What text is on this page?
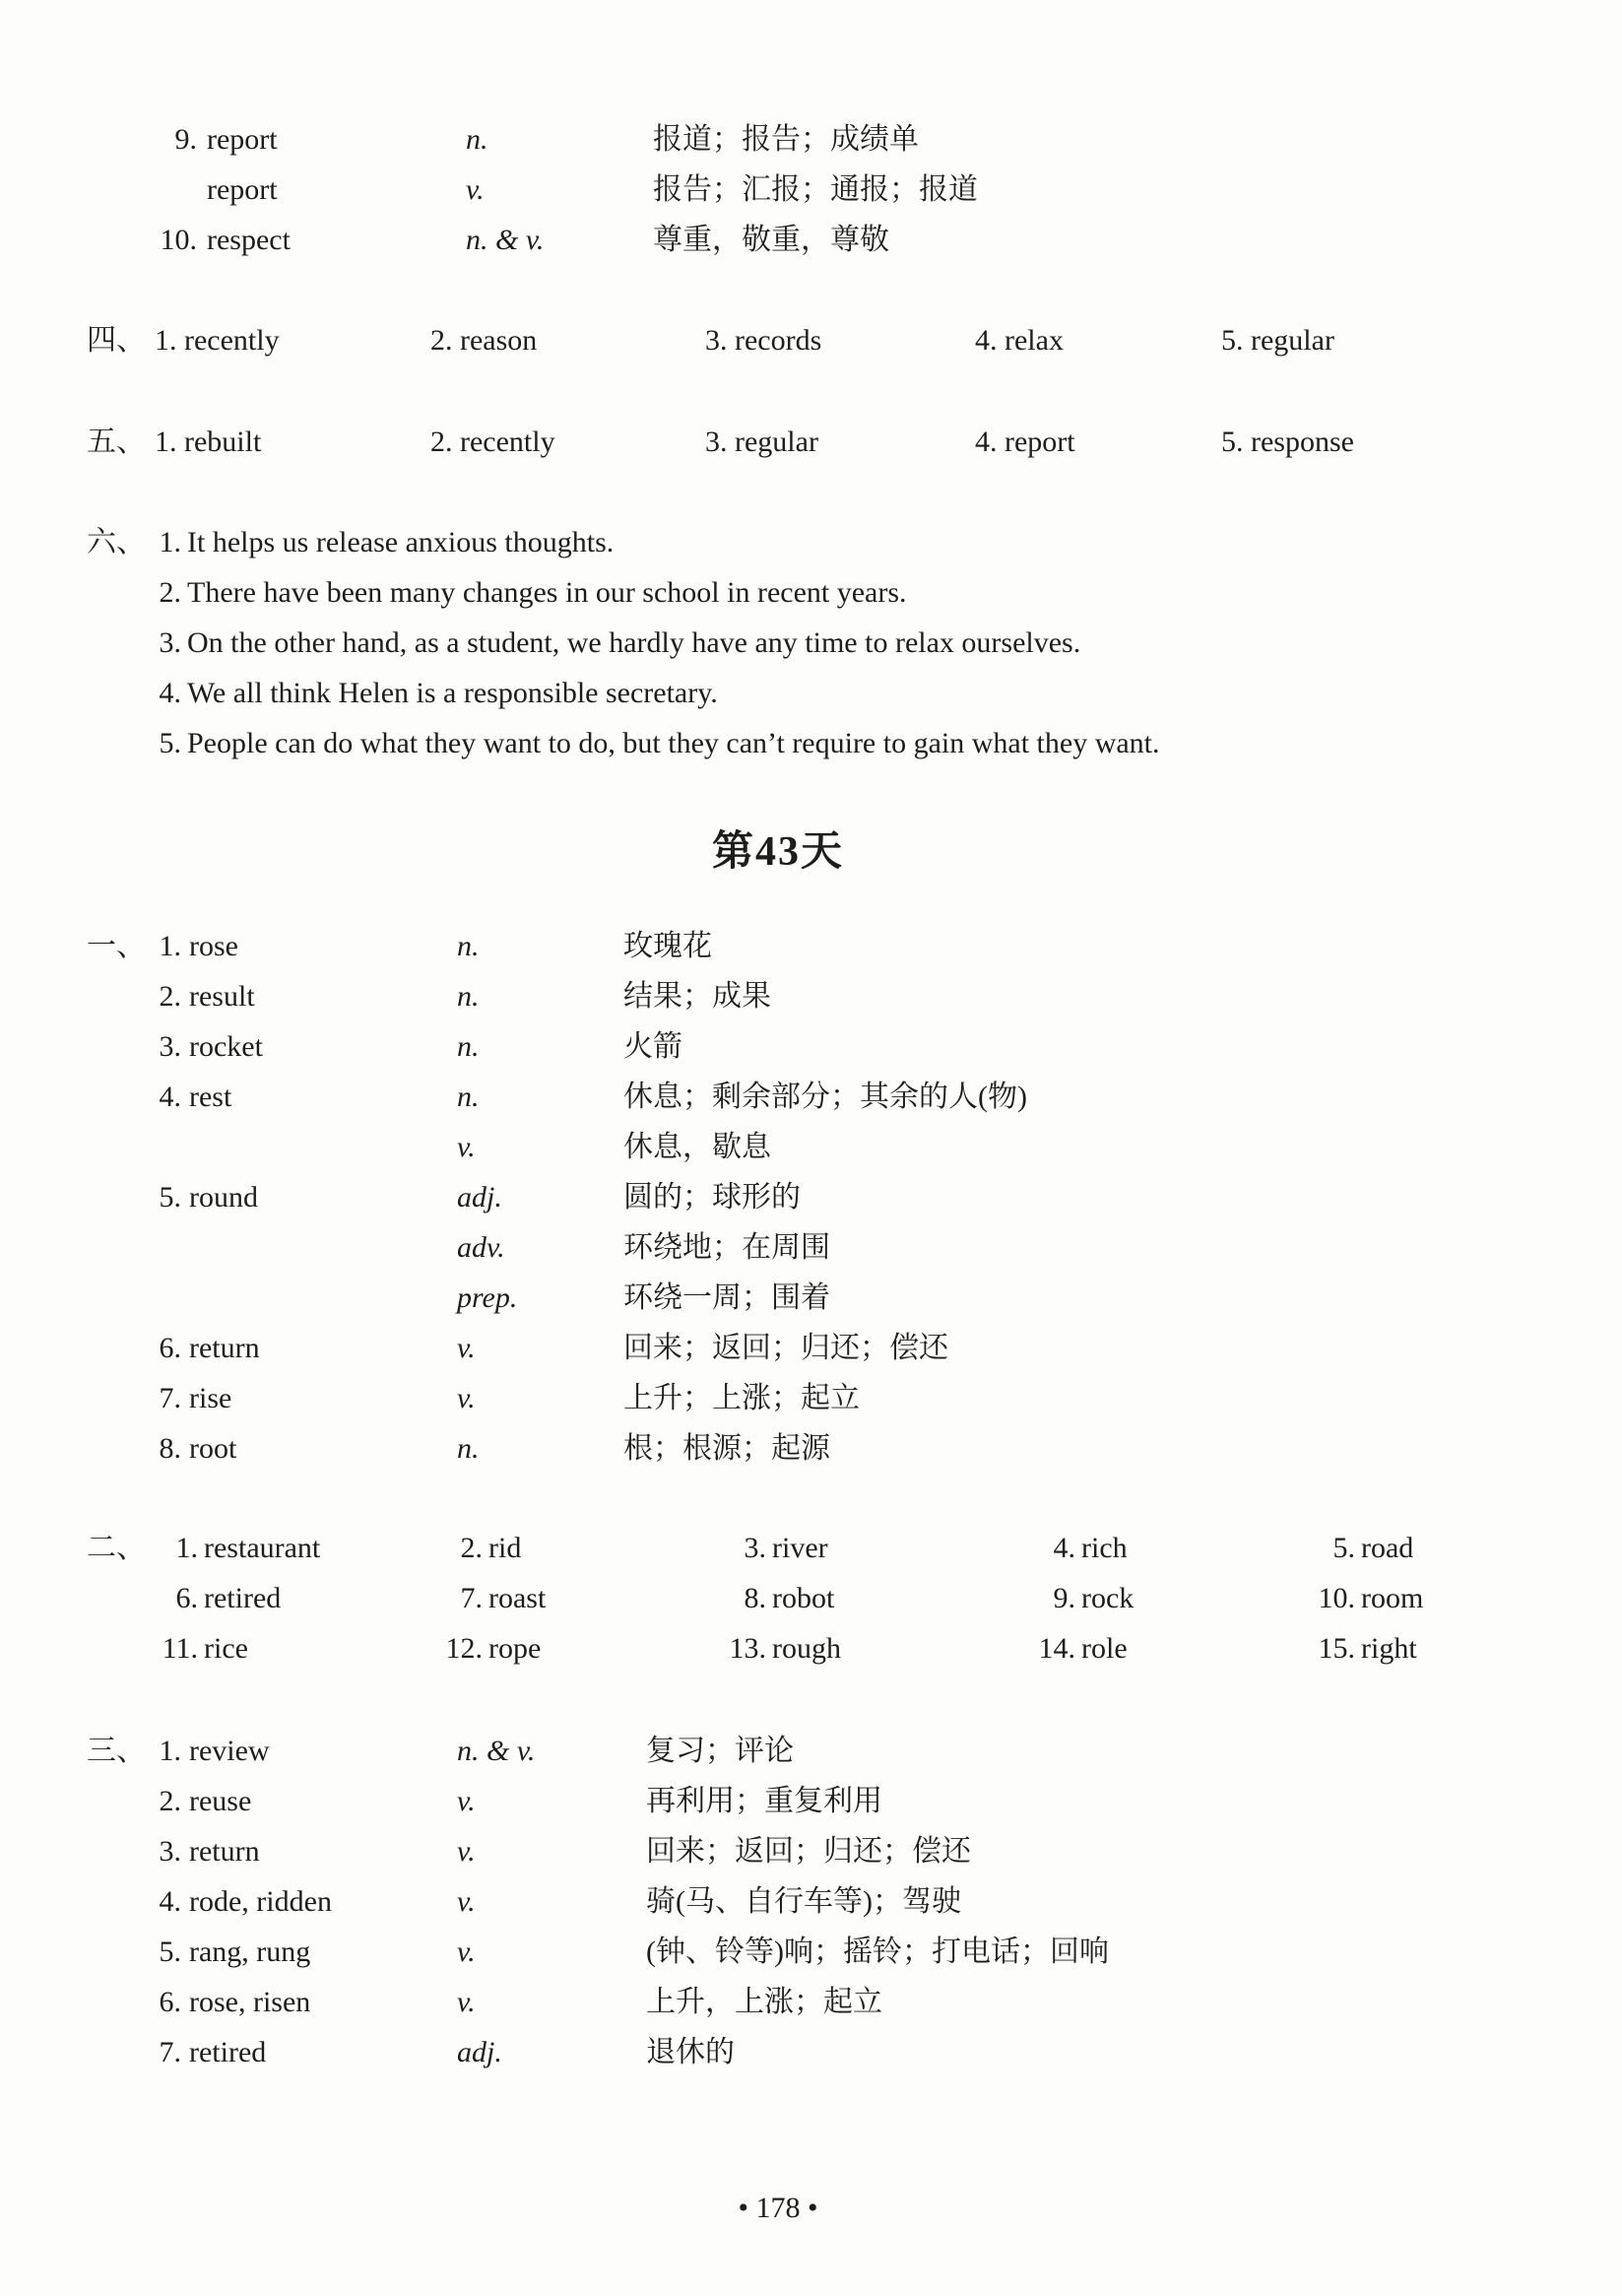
9. report	n.	报道；报告；成绩单
report	v.	报告；汇报；通报；报道
10. respect	n. & v.	尊重，敬重，尊敬
四、 1. recently	2. reason	3. records	4. relax	5. regular
五、 1. rebuilt	2. recently	3. regular	4. report	5. response
六、 1. It helps us release anxious thoughts.
2. There have been many changes in our school in recent years.
3. On the other hand, as a student, we hardly have any time to relax ourselves.
4. We all think Helen is a responsible secretary.
5. People can do what they want to do, but they can’t require to gain what they want.
第43天
一、 1. rose	n.	玫瑰花
2. result	n.	结果；成果
3. rocket	n.	火箭
4. rest	n.	休息；剩余部分；其余的人(物)
v.	休息，歇息
5. round	adj.	圆的；球形的
adv.	环绕地；在周围
prep.	环绕一周；围着
6. return	v.	回来；返回；归还；偿还
7. rise	v.	上升；上涨；起立
8. root	n.	根；根源；起源
二、	1. restaurant	2. rid	3. river	4. rich	5. road
6. retired	7. roast	8. robot	9. rock	10. room
11. rice	12. rope	13. rough	14. role	15. right
三、 1. review	n. & v.	复习；评论
2. reuse	v.	再利用；重复利用
3. return	v.	回来；返回；归还；偿还
4. rode, ridden	v.	骑(马、自行车等)；驾驶
5. rang, rung	v.	(钟、铃等)响；摇铃；打电话；回响
6. rose, risen	v.	上升，上涨；起立
7. retired	adj.	退休的
• 178 •
